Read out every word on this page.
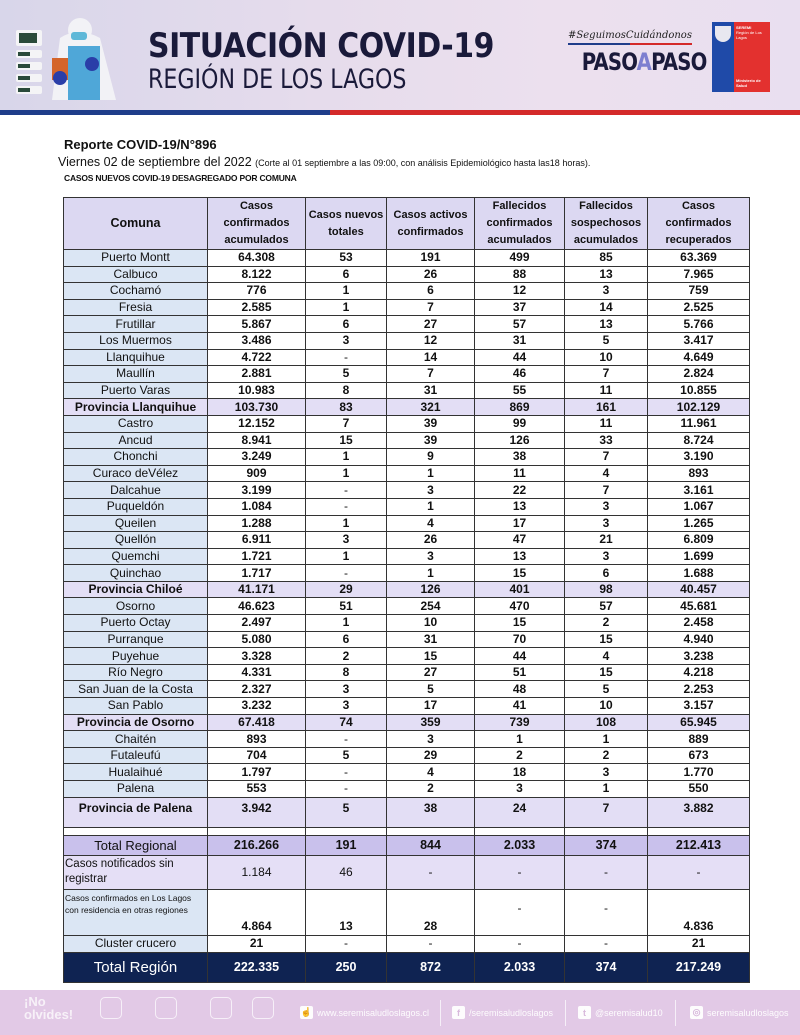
SITUACIÓN COVID-19
REGIÓN DE LOS LAGOS
#SeguimosCuidándonos
PASOAPASO
SEREMI
Región de Los Lagos
Ministerio de Salud
Reporte COVID-19/N°896
Viernes 02 de septiembre del 2022 (Corte al 01 septiembre a las 09:00, con análisis Epidemiológico hasta las18 horas).
CASOS NUEVOS COVID-19 DESAGREGADO POR COMUNA
Comuna	Casos confirmados acumulados	Casos nuevos totales	Casos activos confirmados	Fallecidos confirmados acumulados	Fallecidos sospechosos acumulados	Casos confirmados recuperados
Puerto Montt	64.308	53	191	499	85	63.369
Calbuco	8.122	6	26	88	13	7.965
Cochamó	776	1	6	12	3	759
Fresia	2.585	1	7	37	14	2.525
Frutillar	5.867	6	27	57	13	5.766
Los Muermos	3.486	3	12	31	5	3.417
Llanquihue	4.722	-	14	44	10	4.649
Maullín	2.881	5	7	46	7	2.824
Puerto Varas	10.983	8	31	55	11	10.855
Provincia Llanquihue	103.730	83	321	869	161	102.129
Castro	12.152	7	39	99	11	11.961
Ancud	8.941	15	39	126	33	8.724
Chonchi	3.249	1	9	38	7	3.190
Curaco deVélez	909	1	1	11	4	893
Dalcahue	3.199	-	3	22	7	3.161
Puqueldón	1.084	-	1	13	3	1.067
Queilen	1.288	1	4	17	3	1.265
Quellón	6.911	3	26	47	21	6.809
Quemchi	1.721	1	3	13	3	1.699
Quinchao	1.717	-	1	15	6	1.688
Provincia Chiloé	41.171	29	126	401	98	40.457
Osorno	46.623	51	254	470	57	45.681
Puerto Octay	2.497	1	10	15	2	2.458
Purranque	5.080	6	31	70	15	4.940
Puyehue	3.328	2	15	44	4	3.238
Río Negro	4.331	8	27	51	15	4.218
San Juan de la Costa	2.327	3	5	48	5	2.253
San Pablo	3.232	3	17	41	10	3.157
Provincia de Osorno	67.418	74	359	739	108	65.945
Chaitén	893	-	3	1	1	889
Futaleufú	704	5	29	2	2	673
Hualaihué	1.797	-	4	18	3	1.770
Palena	553	-	2	3	1	550
Provincia de Palena	3.942	5	38	24	7	3.882

Total Regional	216.266	191	844	2.033	374	212.413
Casos notificados sin registrar	1.184	46	-	-	-	-
Casos confirmados en Los Lagos con residencia en otras regiones	4.864	13	28	-	-	4.836
Cluster crucero	21	-	-	-	-	21
Total Región	222.335	250	872	2.033	374	217.249
¡No
olvides!	☝ www.seremisaludloslagos.cl	f	/seremisaludloslagos	t	@seremisalud10	◎ seremisaludloslagos
